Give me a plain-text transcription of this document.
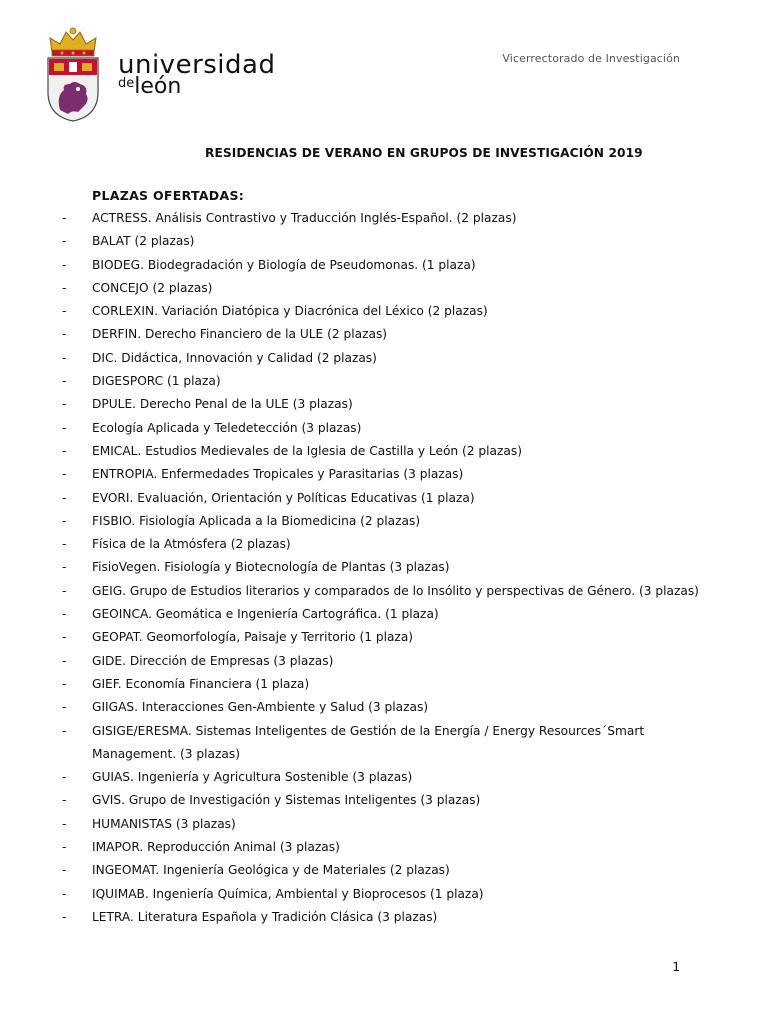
universidad
$^{de}$león
Vicerrectorado de Investigación
RESIDENCIAS DE VERANO EN GRUPOS DE INVESTIGACIÓN 2019
PLAZAS OFERTADAS:
- ACTRESS. Análisis Contrastivo y Traducción Inglés-Español. (2 plazas)
- BALAT (2 plazas)
- BIODEG. Biodegradación y Biología de Pseudomonas. (1 plaza)
- CONCEJO (2 plazas)
- CORLEXIN. Variación Diatópica y Diacrónica del Léxico (2 plazas)
- DERFIN. Derecho Financiero de la ULE (2 plazas)
- DIC. Didáctica, Innovación y Calidad (2 plazas)
- DIGESPORC (1 plaza)
- DPULE. Derecho Penal de la ULE (3 plazas)
- Ecología Aplicada y Teledetección (3 plazas)
- EMICAL. Estudios Medievales de la Iglesia de Castilla y León (2 plazas)
- ENTROPIA. Enfermedades Tropicales y Parasitarias (3 plazas)
- EVORI. Evaluación, Orientación y Políticas Educativas (1 plaza)
- FISBIO. Fisiología Aplicada a la Biomedicina (2 plazas)
- Física de la Atmósfera (2 plazas)
- FisioVegen. Fisiología y Biotecnología de Plantas (3 plazas)
- GEIG. Grupo de Estudios literarios y comparados de lo Insólito y perspectivas de Género. (3 plazas)
- GEOINCA. Geomática e Ingeniería Cartográfica. (1 plaza)
- GEOPAT. Geomorfología, Paisaje y Territorio (1 plaza)
- GIDE. Dirección de Empresas (3 plazas)
- GIEF. Economía Financiera (1 plaza)
- GIIGAS. Interacciones Gen-Ambiente y Salud (3 plazas)
- GISIGE/ERESMA. Sistemas Inteligentes de Gestión de la Energía / Energy Resources´Smart
Management. (3 plazas)
- GUIAS. Ingeniería y Agricultura Sostenible (3 plazas)
- GVIS. Grupo de Investigación y Sistemas Inteligentes (3 plazas)
- HUMANISTAS (3 plazas)
- IMAPOR. Reproducción Animal (3 plazas)
- INGEOMAT. Ingeniería Geológica y de Materiales (2 plazas)
- IQUIMAB. Ingeniería Química, Ambiental y Bioprocesos (1 plaza)
- LETRA. Literatura Española y Tradición Clásica (3 plazas)
1
